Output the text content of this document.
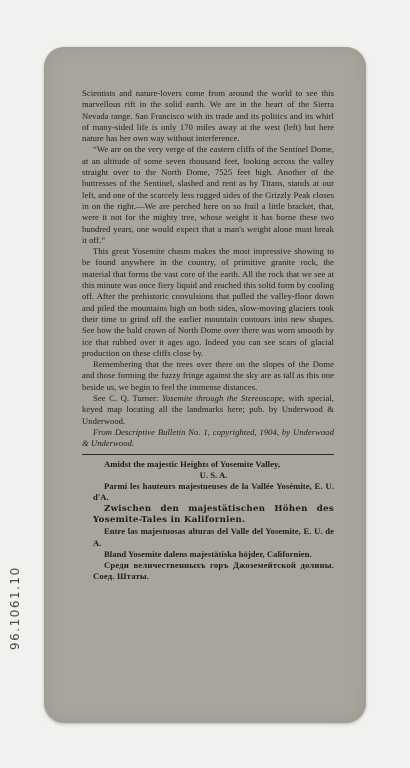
96.1061.10

Scientists and nature-lovers come from around the world to see this marvellous rift in the solid earth. We are in the heart of the Sierra Nevada range. San Francisco with its trade and its politics and its whirl of many-sided life is only 170 miles away at the west (left) but here nature has her own way without interference.

“We are on the very verge of the eastern cliffs of the Sentinel Dome, at an altitude of some seven thousand feet, looking across the valley straight over to the North Dome, 7525 feet high. Another of the buttresses of the Sentinel, slashed and rent as by Titans, stands at our left, and one of the scarcely less rugged sides of the Grizzly Peak closes in on the right.—We are perched here on so frail a little bracket, that, were it not for the mighty tree, whose weight it has borne these two hundred years, one would expect that a man's weight alone must break it off.”

This great Yosemite chasm makes the most impressive showing to be found anywhere in the country, of primitive granite rock, the material that forms the vast core of the earth. All the rock that we see at this minute was once fiery liquid and reached this solid form by cooling off. After the prehistoric convulsions that pulled the valley-floor down and piled the mountains high on both sides, slow-moving glaciers took their time to grind off the earlier mountain contours into new shapes. See how the bald crown of North Dome over there was worn smooth by ice that rubbed over it ages ago. Indeed you can see scars of glacial production on these cliffs close by.

Remembering that the trees over there on the slopes of the Dome and those forming the fuzzy fringe against the sky are as tall as this one beside us, we begin to feel the immense distances.

See C. Q. Turner: Yosemite through the Stereoscope, with special, keyed map locating all the landmarks here; pub. by Underwood & Underwood.

From Descriptive Bulletin No. 1, copyrighted, 1904, by Underwood & Underwood.

Amidst the majestic Heights of Yosemite Valley,

U. S. A.

Parmi les hauteurs majestueuses de la Vallée Yosémite, E. U. d'A.

Zwischen den majestätischen Höhen des Yosemite-Tales in Kalifornien.

Entre las majestuosas alturas del Valle del Yosemite, E. U. de A.

Bland Yosemite dalens majestätiska höjder, Californien.

Среди величественныхъ горъ Джоземейтской долины. Соед. Штаты.
